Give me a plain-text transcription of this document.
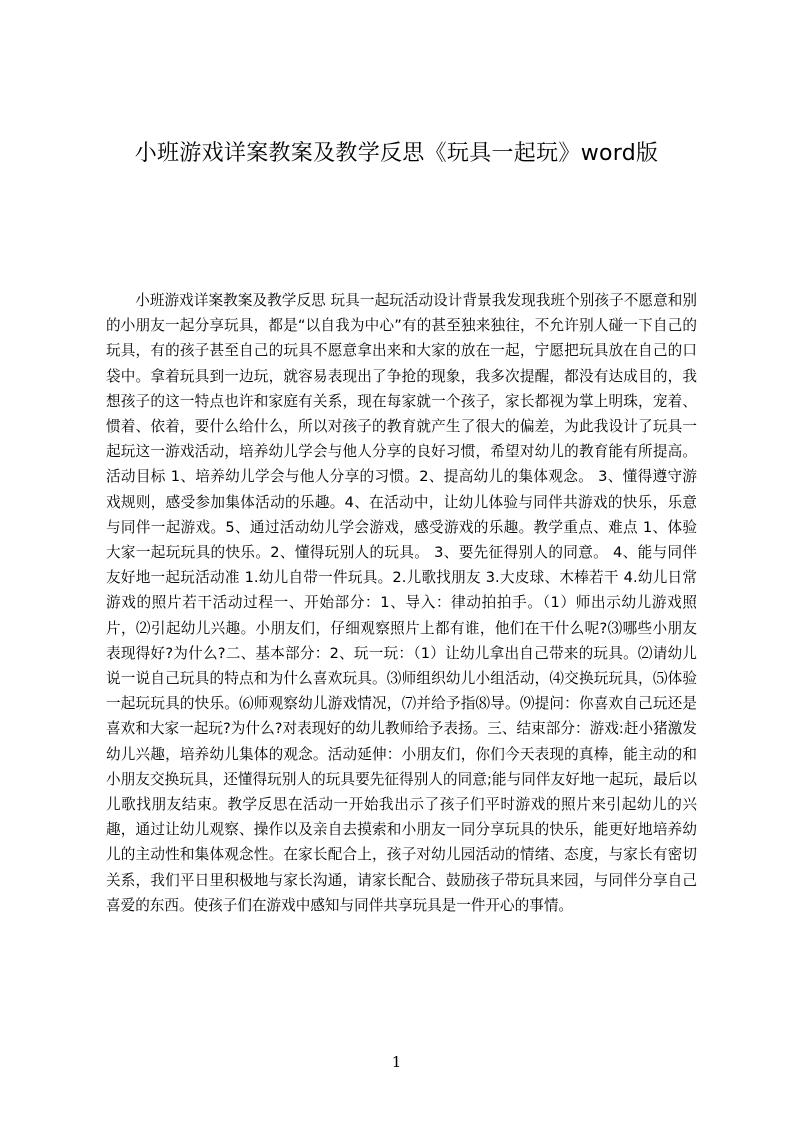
小班游戏详案教案及教学反思《玩具一起玩》word版

小班游戏详案教案及教学反思 玩具一起玩活动设计背景我发现我班个别孩子不愿意和别的小朋友一起分享玩具，都是“以自我为中心”有的甚至独来独往，不允许别人碰一下自己的玩具，有的孩子甚至自己的玩具不愿意拿出来和大家的放在一起，宁愿把玩具放在自己的口袋中。拿着玩具到一边玩，就容易表现出了争抢的现象，我多次提醒，都没有达成目的，我想孩子的这一特点也许和家庭有关系，现在每家就一个孩子，家长都视为掌上明珠，宠着、惯着、依着，要什么给什么，所以对孩子的教育就产生了很大的偏差，为此我设计了玩具一起玩这一游戏活动，培养幼儿学会与他人分享的良好习惯，希望对幼儿的教育能有所提高。活动目标 1、培养幼儿学会与他人分享的习惯。2、提高幼儿的集体观念。 3、懂得遵守游戏规则，感受参加集体活动的乐趣。4、在活动中，让幼儿体验与同伴共游戏的快乐，乐意与同伴一起游戏。5、通过活动幼儿学会游戏，感受游戏的乐趣。教学重点、难点 1、体验大家一起玩玩具的快乐。2、懂得玩别人的玩具。 3、要先征得别人的同意。 4、能与同伴友好地一起玩活动准 1.幼儿自带一件玩具。2.儿歌找朋友 3.大皮球、木棒若干 4.幼儿日常游戏的照片若干活动过程一、开始部分：1、导入：律动拍拍手。（1）师出示幼儿游戏照片，⑵引起幼儿兴趣。小朋友们，仔细观察照片上都有谁，他们在干什么呢?⑶哪些小朋友表现得好?为什么?二、基本部分：2、玩一玩：（1）让幼儿拿出自己带来的玩具。⑵请幼儿说一说自己玩具的特点和为什么喜欢玩具。⑶师组织幼儿小组活动，⑷交换玩玩具，⑸体验一起玩玩具的快乐。⑹师观察幼儿游戏情况，⑺并给予指⑻导。⑼提问：你喜欢自己玩还是喜欢和大家一起玩?为什么?对表现好的幼儿教师给予表扬。三、结束部分：游戏:赶小猪激发幼儿兴趣，培养幼儿集体的观念。活动延伸：小朋友们，你们今天表现的真棒，能主动的和小朋友交换玩具，还懂得玩别人的玩具要先征得别人的同意;能与同伴友好地一起玩，最后以儿歌找朋友结束。教学反思在活动一开始我出示了孩子们平时游戏的照片来引起幼儿的兴趣，通过让幼儿观察、操作以及亲自去摸索和小朋友一同分享玩具的快乐，能更好地培养幼儿的主动性和集体观念性。在家长配合上，孩子对幼儿园活动的情绪、态度，与家长有密切关系，我们平日里积极地与家长沟通，请家长配合、鼓励孩子带玩具来园，与同伴分享自己喜爱的东西。使孩子们在游戏中感知与同伴共享玩具是一件开心的事情。

1
